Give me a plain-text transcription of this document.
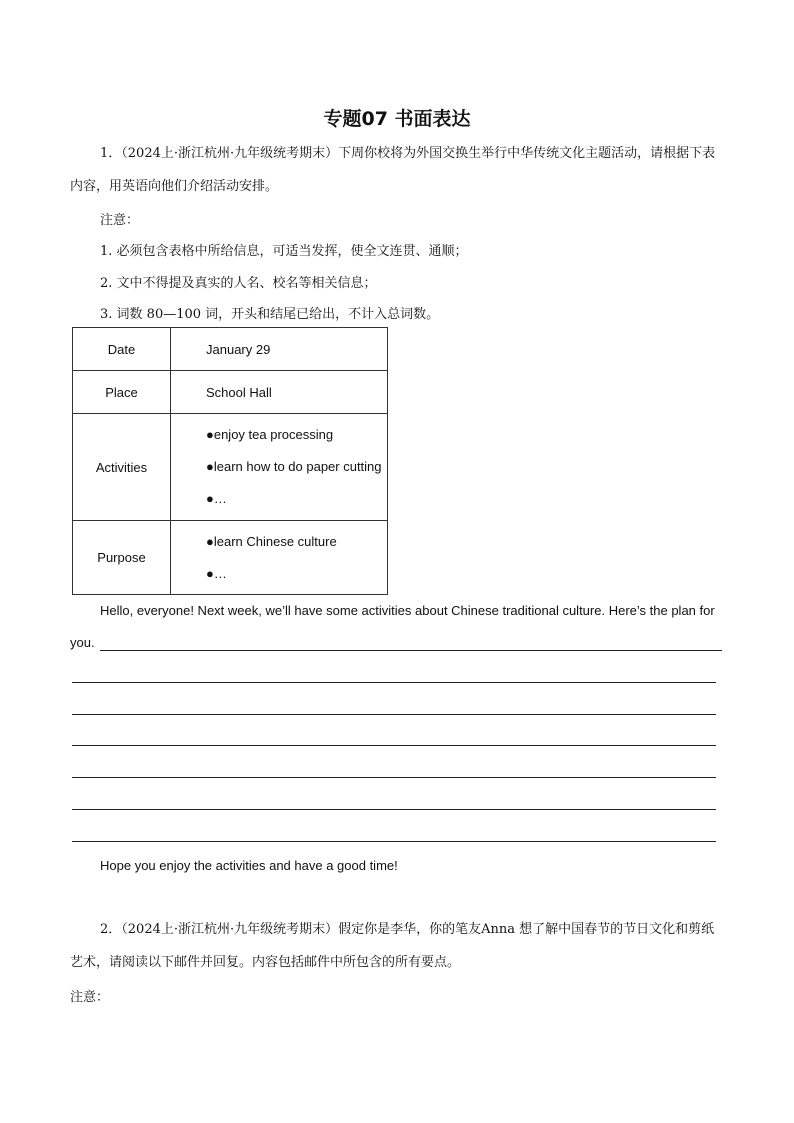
专题07 书面表达

1．（2024上·浙江杭州·九年级统考期末）下周你校将为外国交换生举行中华传统文化主题活动，请根据下表内容，用英语向他们介绍活动安排。

注意：

1. 必须包含表格中所给信息，可适当发挥，使全文连贯、通顺；

2. 文中不得提及真实的人名、校名等相关信息；

3. 词数 80—100 词，开头和结尾已给出，不计入总词数。

Date	January 29
Place	School Hall
Activities	●enjoy tea processing
●learn how to do paper cutting
●…

Purpose	●learn Chinese culture
●…

Hello, everyone! Next week, we’ll have some activities about Chinese traditional culture. Here’s the plan for

you.

Hope you enjoy the activities and have a good time!

2．（2024上·浙江杭州·九年级统考期末）假定你是李华，你的笔友Anna 想了解中国春节的节日文化和剪纸艺术，请阅读以下邮件并回复。内容包括邮件中所包含的所有要点。

注意：
